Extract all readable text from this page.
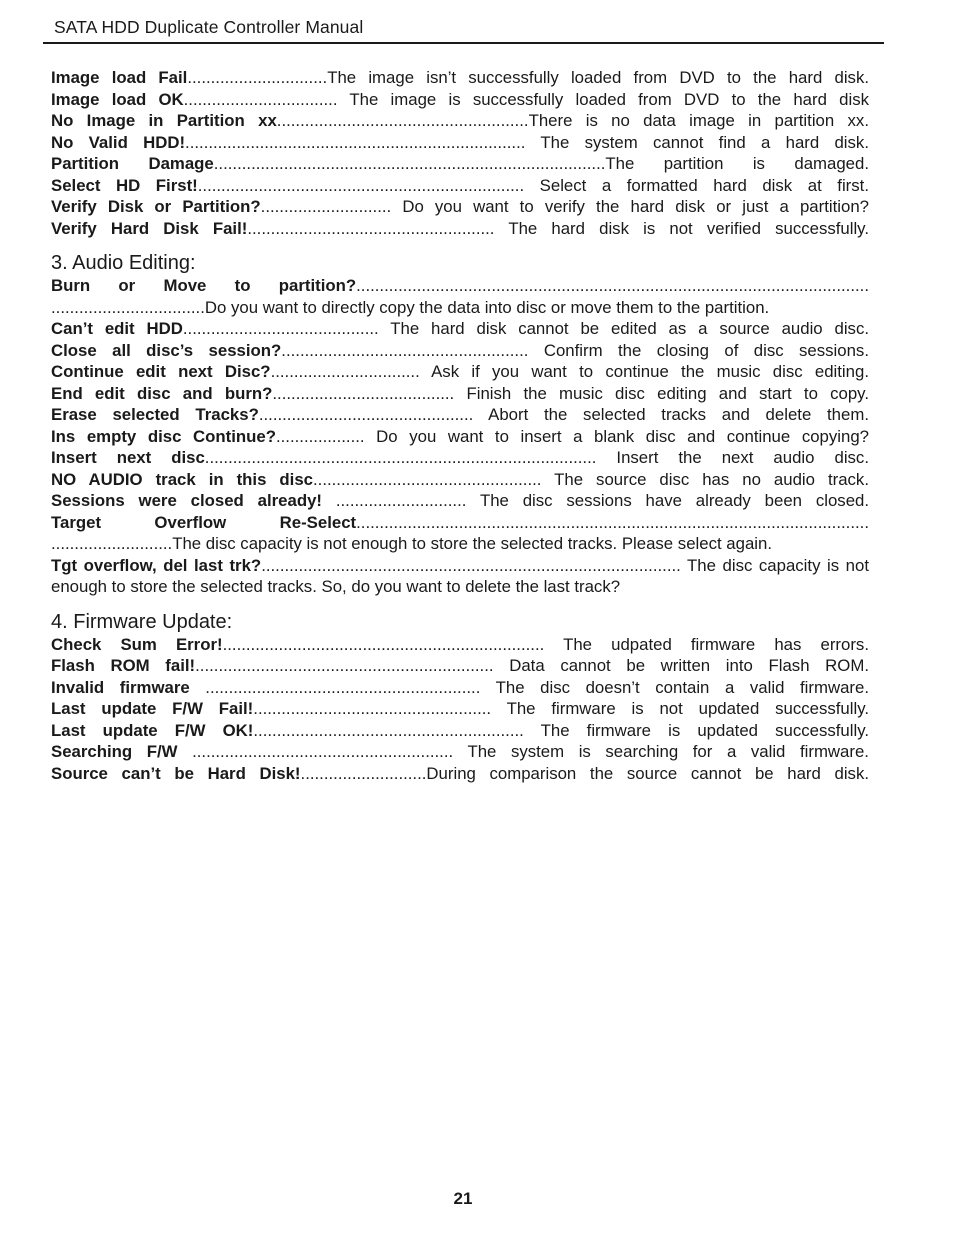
SATA HDD Duplicate Controller Manual
Image load Fail..............................The image isn’t successfully loaded from DVD to the hard disk.
Image load OK................................. The image is successfully loaded from DVD to the hard disk
No Image in Partition xx......................................................There is no data image in partition xx.
No Valid HDD!......................................................................... The system cannot find a hard disk.
Partition Damage....................................................................................The partition is damaged.
Select HD First!...................................................................... Select a formatted hard disk at first.
Verify Disk or Partition?............................ Do you want to verify the hard disk or just a partition?
Verify Hard Disk Fail!..................................................... The hard disk is not verified successfully.
3. Audio Editing:
Burn or Move to partition?.............................................................................................................. .................................Do you want to directly copy the data into disc or move them to the partition.
Can’t edit HDD.......................................... The hard disk cannot be edited as a source audio disc.
Close all disc’s session?..................................................... Confirm the closing of disc sessions.
Continue edit next Disc?................................ Ask if you want to continue the music disc editing.
End edit disc and burn?....................................... Finish the music disc editing and start to copy.
Erase selected Tracks?.............................................. Abort the selected tracks and delete them.
Ins empty disc Continue?................... Do you want to insert a blank disc and continue copying?
Insert next disc.................................................................................... Insert the next audio disc.
NO AUDIO track in this disc................................................. The source disc has no audio track.
Sessions were closed already! ............................ The disc sessions have already been closed.
Target Overflow Re-Select.............................................................................................................. ..........................The disc capacity is not enough to store the selected tracks. Please select again.
Tgt overflow, del last trk?.......................................................................................... The disc capacity is not enough to store the selected tracks. So, do you want to delete the last track?
4. Firmware Update:
Check Sum Error!..................................................................... The udpated firmware has errors.
Flash ROM fail!................................................................ Data cannot be written into Flash ROM.
Invalid firmware ........................................................... The disc doesn’t contain a valid firmware.
Last update F/W Fail!................................................... The firmware is not updated successfully.
Last update F/W OK!.......................................................... The firmware is updated successfully.
Searching F/W ........................................................ The system is searching for a valid firmware.
Source can’t be Hard Disk!...........................During comparison the source cannot be hard disk.
21
